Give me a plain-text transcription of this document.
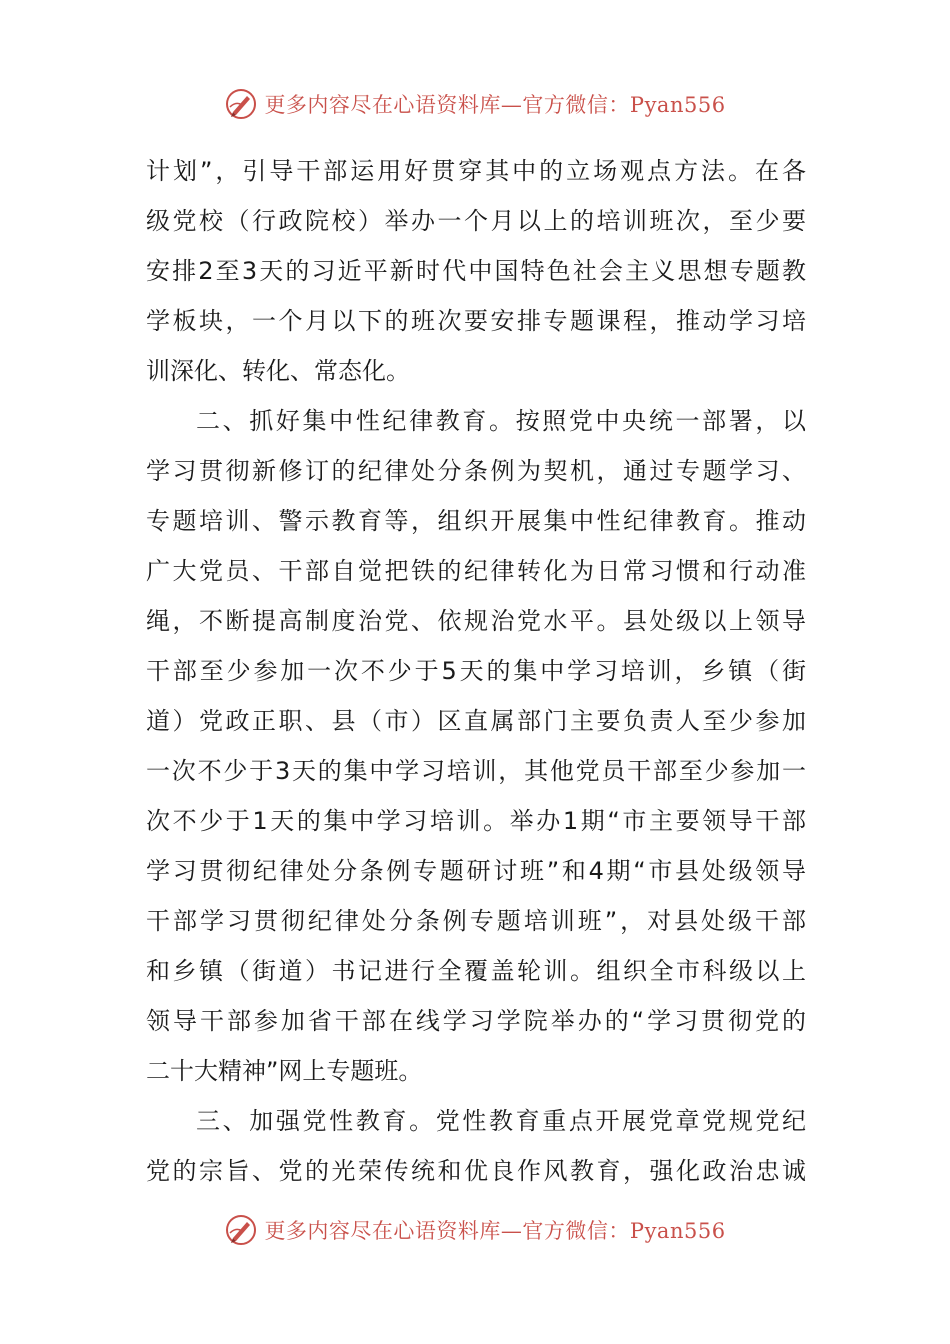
更多内容尽在心语资料库—官方微信：Pyan556
计划”，引导干部运用好贯穿其中的立场观点方法。在各
级党校（行政院校）举办一个月以上的培训班次，至少要
安排2至3天的习近平新时代中国特色社会主义思想专题教
学板块，一个月以下的班次要安排专题课程，推动学习培
训深化、转化、常态化。
二、抓好集中性纪律教育。按照党中央统一部署，以
学习贯彻新修订的纪律处分条例为契机，通过专题学习、
专题培训、警示教育等，组织开展集中性纪律教育。推动
广大党员、干部自觉把铁的纪律转化为日常习惯和行动准
绳，不断提高制度治党、依规治党水平。县处级以上领导
干部至少参加一次不少于5天的集中学习培训，乡镇（街
道）党政正职、县（市）区直属部门主要负责人至少参加
一次不少于3天的集中学习培训，其他党员干部至少参加一
次不少于1天的集中学习培训。举办1期“市主要领导干部
学习贯彻纪律处分条例专题研讨班”和4期“市县处级领导
干部学习贯彻纪律处分条例专题培训班”，对县处级干部
和乡镇（街道）书记进行全覆盖轮训。组织全市科级以上
领导干部参加省干部在线学习学院举办的“学习贯彻党的
二十大精神”网上专题班。
三、加强党性教育。党性教育重点开展党章党规党纪
党的宗旨、党的光荣传统和优良作风教育，强化政治忠诚
更多内容尽在心语资料库—官方微信：Pyan556
